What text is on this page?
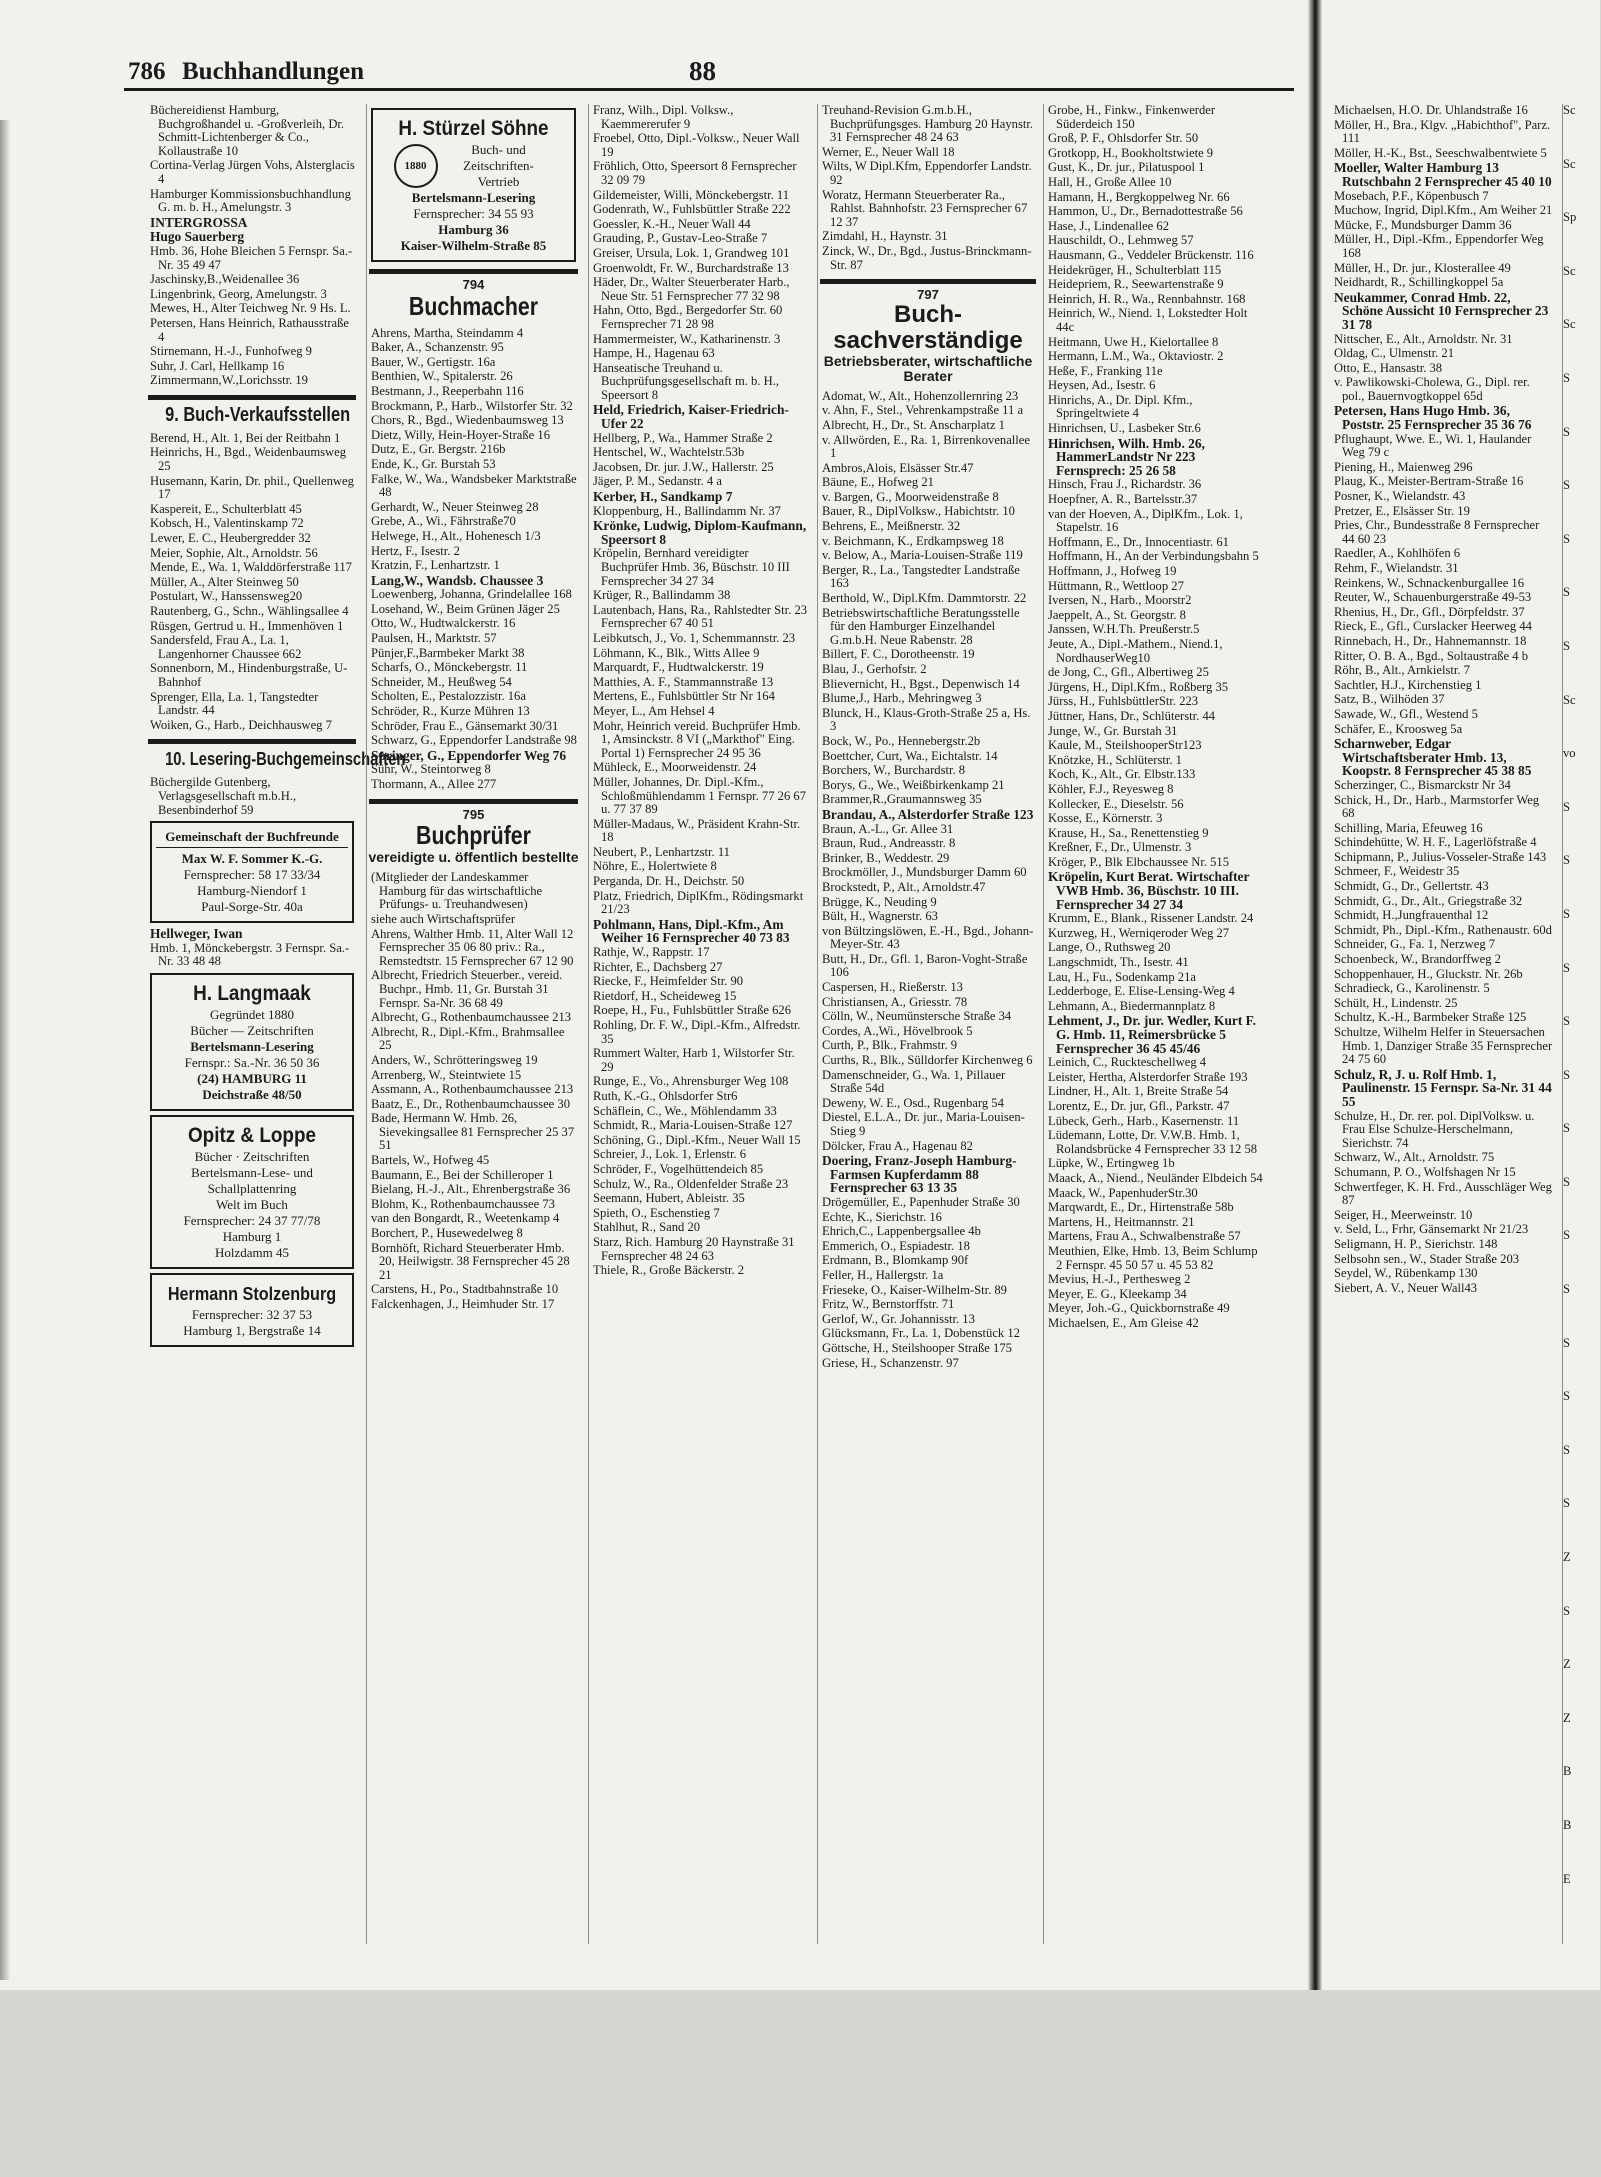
786 Buchhandlungen	88
Büchereidienst Hamburg, Buchgroßhandel u. -Großverleih, Dr. Schmitt-Lichtenberger & Co., Kollaustraße 10
Cortina-Verlag Jürgen Vohs, Alsterglacis 4
Hamburger Kommissionsbuchhandlung G. m. b. H., Amelungstr. 3
INTERGROSSA
Hugo Sauerberg
Hmb. 36, Hohe Bleichen 5 Fernspr. Sa.-Nr. 35 49 47
Jaschinsky,B.,Weidenallee 36
Lingenbrink, Georg, Amelungstr. 3
Mewes, H., Alter Teichweg Nr. 9 Hs. L.
Petersen, Hans Heinrich, Rathausstraße 4
Stirnemann, H.-J., Funhofweg 9
Suhr, J. Carl, Hellkamp 16
Zimmermann,W.,Lorichsstr. 19
9. Buch-Verkaufsstellen
Berend, H., Alt. 1, Bei der Reitbahn 1
Heinrichs, H., Bgd., Weidenbaumsweg 25
Husemann, Karin, Dr. phil., Quellenweg 17
Kaspereit, E., Schulterblatt 45
Kobsch, H., Valentinskamp 72
Lewer, E. C., Heubergredder 32
Meier, Sophie, Alt., Arnoldstr. 56
Mende, E., Wa. 1, Walddörferstraße 117
Müller, A., Alter Steinweg 50
Postulart, W., Hanssensweg20
Rautenberg, G., Schn., Wählingsallee 4
Rüsgen, Gertrud u. H., Immenhöven 1
Sandersfeld, Frau A., La. 1, Langenhorner Chaussee 662
Sonnenborn, M., Hindenburgstraße, U-Bahnhof
Sprenger, Ella, La. 1, Tangstedter Landstr. 44
Woiken, G., Harb., Deichhausweg 7
10. Lesering-Buchgemeinschaften
Büchergilde Gutenberg, Verlagsgesellschaft m.b.H., Besenbinderhof 59
Gemeinschaft der Buchfreunde
Max W. F. Sommer K.-G.
Fernsprecher: 58 17 33/34
Hamburg-Niendorf 1
Paul-Sorge-Str. 40a
Hellweger, Iwan
Hmb. 1, Mönckebergstr. 3 Fernspr. Sa.-Nr. 33 48 48
H. Langmaak
Gegründet 1880
Bücher — Zeitschriften
Bertelsmann-Lesering
Fernspr.: Sa.-Nr. 36 50 36
(24) HAMBURG 11
Deichstraße 48/50
Opitz & Loppe
Bücher · Zeitschriften
Bertelsmann-Lese- und Schallplattenring
Welt im Buch
Fernsprecher: 24 37 77/78
Hamburg 1
Holzdamm 45
Hermann Stolzenburg
Fernsprecher: 32 37 53
Hamburg 1, Bergstraße 14
H. Stürzel Söhne
1880
Buch- und Zeitschriften-Vertrieb
Bertelsmann-Lesering
Fernsprecher: 34 55 93
Hamburg 36
Kaiser-Wilhelm-Straße 85
794
Buchmacher
Ahrens, Martha, Steindamm 4
Baker, A., Schanzenstr. 95
Bauer, W., Gertigstr. 16a
Benthien, W., Spitalerstr. 26
Bestmann, J., Reeperbahn 116
Brockmann, P., Harb., Wilstorfer Str. 32
Chors, R., Bgd., Wiedenbaumsweg 13
Dietz, Willy, Hein-Hoyer-Straße 16
Dutz, E., Gr. Bergstr. 216b
Ende, K., Gr. Burstah 53
Falke, W., Wa., Wandsbeker Marktstraße 48
Gerhardt, W., Neuer Steinweg 28
Grebe, A., Wi., Fährstraße70
Helwege, H., Alt., Hohenesch 1/3
Hertz, F., Isestr. 2
Kratzin, F., Lenhartzstr. 1
Lang,W., Wandsb. Chaussee 3
Loewenberg, Johanna, Grindelallee 168
Losehand, W., Beim Grünen Jäger 25
Otto, W., Hudtwalckerstr. 16
Paulsen, H., Marktstr. 57
Pünjer,F.,Barmbeker Markt 38
Scharfs, O., Mönckebergstr. 11
Schneider, M., Heußweg 54
Scholten, E., Pestalozzistr. 16a
Schröder, R., Kurze Mühren 13
Schröder, Frau E., Gänsemarkt 30/31
Schwarz, G., Eppendorfer Landstraße 98
Springer, G., Eppendorfer Weg 76
Sühr, W., Steintorweg 8
Thormann, A., Allee 277
795
Buchprüfer
vereidigte u. öffentlich bestellte
(Mitglieder der Landeskammer Hamburg für das wirtschaftliche Prüfungs- u. Treuhandwesen)
siehe auch Wirtschaftsprüfer
Ahrens, Walther Hmb. 11, Alter Wall 12 Fernsprecher 35 06 80 priv.: Ra., Remstedtstr. 15 Fernsprecher 67 12 90
Albrecht, Friedrich Steuerber., vereid. Buchpr., Hmb. 11, Gr. Burstah 31 Fernspr. Sa-Nr. 36 68 49
Albrecht, G., Rothenbaumchaussee 213
Albrecht, R., Dipl.-Kfm., Brahmsallee 25
Anders, W., Schrötteringsweg 19
Arrenberg, W., Steintwiete 15
Assmann, A., Rothenbaumchaussee 213
Baatz, E., Dr., Rothenbaumchaussee 30
Bade, Hermann W. Hmb. 26, Sievekingsallee 81 Fernsprecher 25 37 51
Bartels, W., Hofweg 45
Baumann, E., Bei der Schilleroper 1
Bielang, H.-J., Alt., Ehrenbergstraße 36
Blohm, K., Rothenbaumchaussee 73
van den Bongardt, R., Weetenkamp 4
Borchert, P., Husewedelweg 8
Bornhöft, Richard Steuerberater Hmb. 20, Heilwigstr. 38 Fernsprecher 45 28 21
Carstens, H., Po., Stadtbahnstraße 10
Falckenhagen, J., Heimhuder Str. 17
Franz, Wilh., Dipl. Volksw., Kaemmererufer 9
Froebel, Otto, Dipl.-Volksw., Neuer Wall 19
Fröhlich, Otto, Speersort 8 Fernsprecher 32 09 79
Gildemeister, Willi, Mönckebergstr. 11
Godenrath, W., Fuhlsbüttler Straße 222
Goessler, K.-H., Neuer Wall 44
Grauding, P., Gustav-Leo-Straße 7
Greiser, Ursula, Lok. 1, Grandweg 101
Groenwoldt, Fr. W., Burchardstraße 13
Häder, Dr., Walter Steuerberater Harb., Neue Str. 51 Fernsprecher 77 32 98
Hahn, Otto, Bgd., Bergedorfer Str. 60 Fernsprecher 71 28 98
Hammermeister, W., Katharinenstr. 3
Hampe, H., Hagenau 63
Hanseatische Treuhand u. Buchprüfungsgesellschaft m. b. H., Speersort 8
Held, Friedrich, Kaiser-Friedrich-Ufer 22
Hellberg, P., Wa., Hammer Straße 2
Hentschel, W., Wachtelstr.53b
Jacobsen, Dr. jur. J.W., Hallerstr. 25
Jäger, P. M., Sedanstr. 4 a
Kerber, H., Sandkamp 7
Kloppenburg, H., Ballindamm Nr. 37
Krönke, Ludwig, Diplom-Kaufmann, Speersort 8
Kröpelin, Bernhard vereidigter Buchprüfer Hmb. 36, Büschstr. 10 III Fernsprecher 34 27 34
Krüger, R., Ballindamm 38
Lautenbach, Hans, Ra., Rahlstedter Str. 23 Fernsprecher 67 40 51
Leibkutsch, J., Vo. 1, Schemmannstr. 23
Löhmann, K., Blk., Witts Allee 9
Marquardt, F., Hudtwalckerstr. 19
Matthies, A. F., Stammannstraße 13
Mertens, E., Fuhlsbüttler Str Nr 164
Meyer, L., Am Hehsel 4
Mohr, Heinrich vereid. Buchprüfer Hmb. 1, Amsinckstr. 8 VI („Markthof" Eing. Portal 1) Fernsprecher 24 95 36
Mühleck, E., Moorweidenstr. 24
Müller, Johannes, Dr. Dipl.-Kfm., Schloßmühlendamm 1 Fernspr. 77 26 67 u. 77 37 89
Müller-Madaus, W., Präsident Krahn-Str. 18
Neubert, P., Lenhartzstr. 11
Nöhre, E., Holertwiete 8
Perganda, Dr. H., Deichstr. 50
Platz, Friedrich, DiplKfm., Rödingsmarkt 21/23
Pohlmann, Hans, Dipl.-Kfm., Am Weiher 16 Fernsprecher 40 73 83
Rathje, W., Rappstr. 17
Richter, E., Dachsberg 27
Riecke, F., Heimfelder Str. 90
Rietdorf, H., Scheideweg 15
Roepe, H., Fu., Fuhlsbüttler Straße 626
Rohling, Dr. F. W., Dipl.-Kfm., Alfredstr. 35
Rummert Walter, Harb 1, Wilstorfer Str. 29
Runge, E., Vo., Ahrensburger Weg 108
Ruth, K.-G., Ohlsdorfer Str6
Schäflein, C., We., Möhlendamm 33
Schmidt, R., Maria-Louisen-Straße 127
Schöning, G., Dipl.-Kfm., Neuer Wall 15
Schreier, J., Lok. 1, Erlenstr. 6
Schröder, F., Vogelhüttendeich 85
Schulz, W., Ra., Oldenfelder Straße 23
Seemann, Hubert, Ableistr. 35
Spieth, O., Eschenstieg 7
Stahlhut, R., Sand 20
Starz, Rich. Hamburg 20 Haynstraße 31 Fernsprecher 48 24 63
Thiele, R., Große Bäckerstr. 2
Treuhand-Revision G.m.b.H., Buchprüfungsges. Hamburg 20 Haynstr. 31 Fernsprecher 48 24 63
Werner, E., Neuer Wall 18
Wilts, W Dipl.Kfm, Eppendorfer Landstr. 92
Woratz, Hermann Steuerberater Ra., Rahlst. Bahnhofstr. 23 Fernsprecher 67 12 37
Zimdahl, H., Haynstr. 31
Zinck, W., Dr., Bgd., Justus-Brinckmann-Str. 87
797
Buch-sachverständige
Betriebsberater, wirtschaftliche Berater
Adomat, W., Alt., Hohenzollernring 23
v. Ahn, F., Stel., Vehrenkampstraße 11 a
Albrecht, H., Dr., St. Anscharplatz 1
v. Allwörden, E., Ra. 1, Birrenkovenallee 1
Ambros,Alois, Elsässer Str.47
Bäune, E., Hofweg 21
v. Bargen, G., Moorweidenstraße 8
Bauer, R., DiplVolksw., Habichtstr. 10
Behrens, E., Meißnerstr. 32
v. Beichmann, K., Erdkampsweg 18
v. Below, A., Maria-Louisen-Straße 119
Berger, R., La., Tangstedter Landstraße 163
Berthold, W., Dipl.Kfm. Dammtorstr. 22
Betriebswirtschaftliche Beratungsstelle für den Hamburger Einzelhandel G.m.b.H. Neue Rabenstr. 28
Billert, F. C., Dorotheenstr. 19
Blau, J., Gerhofstr. 2
Blievernicht, H., Bgst., Depenwisch 14
Blume,J., Harb., Mehringweg 3
Blunck, H., Klaus-Groth-Straße 25 a, Hs. 3
Bock, W., Po., Hennebergstr.2b
Boettcher, Curt, Wa., Eichtalstr. 14
Borchers, W., Burchardstr. 8
Borys, G., We., Weißbirkenkamp 21
Brammer,R.,Graumannsweg 35
Brandau, A., Alsterdorfer Straße 123
Braun, A.-L., Gr. Allee 31
Braun, Rud., Andreasstr. 8
Brinker, B., Weddestr. 29
Brockmöller, J., Mundsburger Damm 60
Brockstedt, P., Alt., Arnoldstr.47
Brügge, K., Neuding 9
Bült, H., Wagnerstr. 63
von Bültzingslöwen, E.-H., Bgd., Johann-Meyer-Str. 43
Butt, H., Dr., Gfl. 1, Baron-Voght-Straße 106
Caspersen, H., Rießerstr. 13
Christiansen, A., Griesstr. 78
Cölln, W., Neumünstersche Straße 34
Cordes, A.,Wi., Hövelbrook 5
Curth, P., Blk., Frahmstr. 9
Curths, R., Blk., Sülldorfer Kirchenweg 6
Damenschneider, G., Wa. 1, Pillauer Straße 54d
Deweny, W. E., Osd., Rugenbarg 54
Diestel, E.L.A., Dr. jur., Maria-Louisen-Stieg 9
Dölcker, Frau A., Hagenau 82
Doering, Franz-Joseph Hamburg-Farmsen Kupferdamm 88 Fernsprecher 63 13 35
Drögemüller, E., Papenhuder Straße 30
Echte, K., Sierichstr. 16
Ehrich,C., Lappenbergsallee 4b
Emmerich, O., Espiadestr. 18
Erdmann, B., Blomkamp 90f
Feller, H., Hallergstr. 1a
Frieseke, O., Kaiser-Wilhelm-Str. 89
Fritz, W., Bernstorffstr. 71
Gerlof, W., Gr. Johannisstr. 13
Glücksmann, Fr., La. 1, Dobenstück 12
Göttsche, H., Steilshooper Straße 175
Griese, H., Schanzenstr. 97
Grobe, H., Finkw., Finkenwerder Süderdeich 150
Groß, P. F., Ohlsdorfer Str. 50
Grotkopp, H., Bookholtstwiete 9
Gust, K., Dr. jur., Pilatuspool 1
Hall, H., Große Allee 10
Hamann, H., Bergkoppelweg Nr. 66
Hammon, U., Dr., Bernadottestraße 56
Hase, J., Lindenallee 62
Hauschildt, O., Lehmweg 57
Hausmann, G., Veddeler Brückenstr. 116
Heidekrüger, H., Schulterblatt 115
Heidepriem, R., Seewartenstraße 9
Heinrich, H. R., Wa., Rennbahnstr. 168
Heinrich, W., Niend. 1, Lokstedter Holt 44c
Heitmann, Uwe H., Kielortallee 8
Hermann, L.M., Wa., Oktaviostr. 2
Heße, F., Franking 11e
Heysen, Ad., Isestr. 6
Hinrichs, A., Dr. Dipl. Kfm., Springeltwiete 4
Hinrichsen, U., Lasbeker Str.6
Hinrichsen, Wilh. Hmb. 26, HammerLandstr Nr 223 Fernsprech: 25 26 58
Hinsch, Frau J., Richardstr. 36
Hoepfner, A. R., Bartelsstr.37
van der Hoeven, A., DiplKfm., Lok. 1, Stapelstr. 16
Hoffmann, E., Dr., Innocentiastr. 61
Hoffmann, H., An der Verbindungsbahn 5
Hoffmann, J., Hofweg 19
Hüttmann, R., Wettloop 27
Iversen, N., Harb., Moorstr2
Jaeppelt, A., St. Georgstr. 8
Janssen, W.H.Th. Preußerstr.5
Jeute, A., Dipl.-Mathem., Niend.1, NordhauserWeg10
de Jong, C., Gfl., Albertiweg 25
Jürgens, H., Dipl.Kfm., Roßberg 35
Jürss, H., FuhlsbüttlerStr. 223
Jüttner, Hans, Dr., Schlüterstr. 44
Junge, W., Gr. Burstah 31
Kaule, M., SteilshooperStr123
Knötzke, H., Schlüterstr. 1
Koch, K., Alt., Gr. Elbstr.133
Köhler, F.J., Reyesweg 8
Kollecker, E., Dieselstr. 56
Kosse, E., Körnerstr. 3
Krause, H., Sa., Renettenstieg 9
Kreßner, F., Dr., Ulmenstr. 3
Kröger, P., Blk Elbchaussee Nr. 515
Kröpelin, Kurt Berat. Wirtschafter VWB Hmb. 36, Büschstr. 10 III. Fernsprecher 34 27 34
Krumm, E., Blank., Rissener Landstr. 24
Kurzweg, H., Werniqeroder Weg 27
Lange, O., Ruthsweg 20
Langschmidt, Th., Isestr. 41
Lau, H., Fu., Sodenkamp 21a
Ledderboge, E. Elise-Lensing-Weg 4
Lehmann, A., Biedermannplatz 8
Lehment, J., Dr. jur. Wedler, Kurt F. G. Hmb. 11, Reimersbrücke 5 Fernsprecher 36 45 45/46
Leinich, C., Ruckteschellweg 4
Leister, Hertha, Alsterdorfer Straße 193
Lindner, H., Alt. 1, Breite Straße 54
Lorentz, E., Dr. jur, Gfl., Parkstr. 47
Lübeck, Gerh., Harb., Kasernenstr. 11
Lüdemann, Lotte, Dr. V.W.B. Hmb. 1, Rolandsbrücke 4 Fernsprecher 33 12 58
Lüpke, W., Ertingweg 1b
Maack, A., Niend., Neuländer Elbdeich 54
Maack, W., PapenhuderStr.30
Marqwardt, E., Dr., Hirtenstraße 58b
Martens, H., Heitmannstr. 21
Martens, Frau A., Schwalbenstraße 57
Meuthien, Elke, Hmb. 13, Beim Schlump 2 Fernspr. 45 50 57 u. 45 53 82
Mevius, H.-J., Perthesweg 2
Meyer, E. G., Kleekamp 34
Meyer, Joh.-G., Quickbornstraße 49
Michaelsen, E., Am Gleise 42
Michaelsen, H.O. Dr. Uhlandstraße 16
Möller, H., Bra., Klgv. „Habichthof", Parz. 111
Möller, H.-K., Bst., Seeschwalbentwiete 5
Moeller, Walter Hamburg 13 Rutschbahn 2 Fernsprecher 45 40 10
Mosebach, P.F., Köpenbusch 7
Muchow, Ingrid, Dipl.Kfm., Am Weiher 21
Mücke, F., Mundsburger Damm 36
Müller, H., Dipl.-Kfm., Eppendorfer Weg 168
Müller, H., Dr. jur., Klosterallee 49
Neidhardt, R., Schillingkoppel 5a
Neukammer, Conrad Hmb. 22, Schöne Aussicht 10 Fernsprecher 23 31 78
Nittscher, E., Alt., Arnoldstr. Nr. 31
Oldag, C., Ulmenstr. 21
Otto, E., Hansastr. 38
v. Pawlikowski-Cholewa, G., Dipl. rer. pol., Bauernvogtkoppel 65d
Petersen, Hans Hugo Hmb. 36, Poststr. 25 Fernsprecher 35 36 76
Pflughaupt, Wwe. E., Wi. 1, Haulander Weg 79 c
Piening, H., Maienweg 296
Plaug, K., Meister-Bertram-Straße 16
Posner, K., Wielandstr. 43
Pretzer, E., Elsässer Str. 19
Pries, Chr., Bundesstraße 8 Fernsprecher 44 60 23
Raedler, A., Kohlhöfen 6
Rehm, F., Wielandstr. 31
Reinkens, W., Schnackenburgallee 16
Reuter, W., Schauenburgerstraße 49-53
Rhenius, H., Dr., Gfl., Dörpfeldstr. 37
Rieck, E., Gfl., Curslacker Heerweg 44
Rinnebach, H., Dr., Hahnemannstr. 18
Ritter, O. B. A., Bgd., Soltaustraße 4 b
Röhr, B., Alt., Arnkielstr. 7
Sachtler, H.J., Kirchenstieg 1
Satz, B., Wilhöden 37
Sawade, W., Gfl., Westend 5
Schäfer, E., Kroosweg 5a
Scharnweber, Edgar Wirtschaftsberater Hmb. 13, Koopstr. 8 Fernsprecher 45 38 85
Scherzinger, C., Bismarckstr Nr 34
Schick, H., Dr., Harb., Marmstorfer Weg 68
Schilling, Maria, Efeuweg 16
Schindehütte, W. H. F., Lagerlöfstraße 4
Schipmann, P., Julius-Vosseler-Straße 143
Schmeer, F., Weidestr 35
Schmidt, G., Dr., Gellertstr. 43
Schmidt, G., Dr., Alt., Griegstraße 32
Schmidt, H.,Jungfrauenthal 12
Schmidt, Ph., Dipl.-Kfm., Rathenaustr. 60d
Schneider, G., Fa. 1, Nerzweg 7
Schoenbeck, W., Brandorffweg 2
Schoppenhauer, H., Gluckstr. Nr. 26b
Schradieck, G., Karolinenstr. 5
Schült, H., Lindenstr. 25
Schultz, K.-H., Barmbeker Straße 125
Schultze, Wilhelm Helfer in Steuersachen Hmb. 1, Danziger Straße 35 Fernsprecher 24 75 60
Schulz, R, J. u. Rolf Hmb. 1, Paulinenstr. 15 Fernspr. Sa-Nr. 31 44 55
Schulze, H., Dr. rer. pol. DiplVolksw. u. Frau Else Schulze-Herschelmann, Sierichstr. 74
Schwarz, W., Alt., Arnoldstr. 75
Schumann, P. O., Wolfshagen Nr 15
Schwertfeger, K. H. Frd., Ausschläger Weg 87
Seiger, H., Meerweinstr. 10
v. Seld, L., Frhr, Gänsemarkt Nr 21/23
Seligmann, H. P., Sierichstr. 148
Selbsohn sen., W., Stader Straße 203
Seydel, W., Rübenkamp 130
Siebert, A. V., Neuer Wall43
Sc
Sc
Sp
Sc
Sc
S
S
S
S
S
S
Sc
vo
S
S
S
S
S
S
S
S
S
S
S
S
S
S
Z
S
Z
Z
B
B
E
